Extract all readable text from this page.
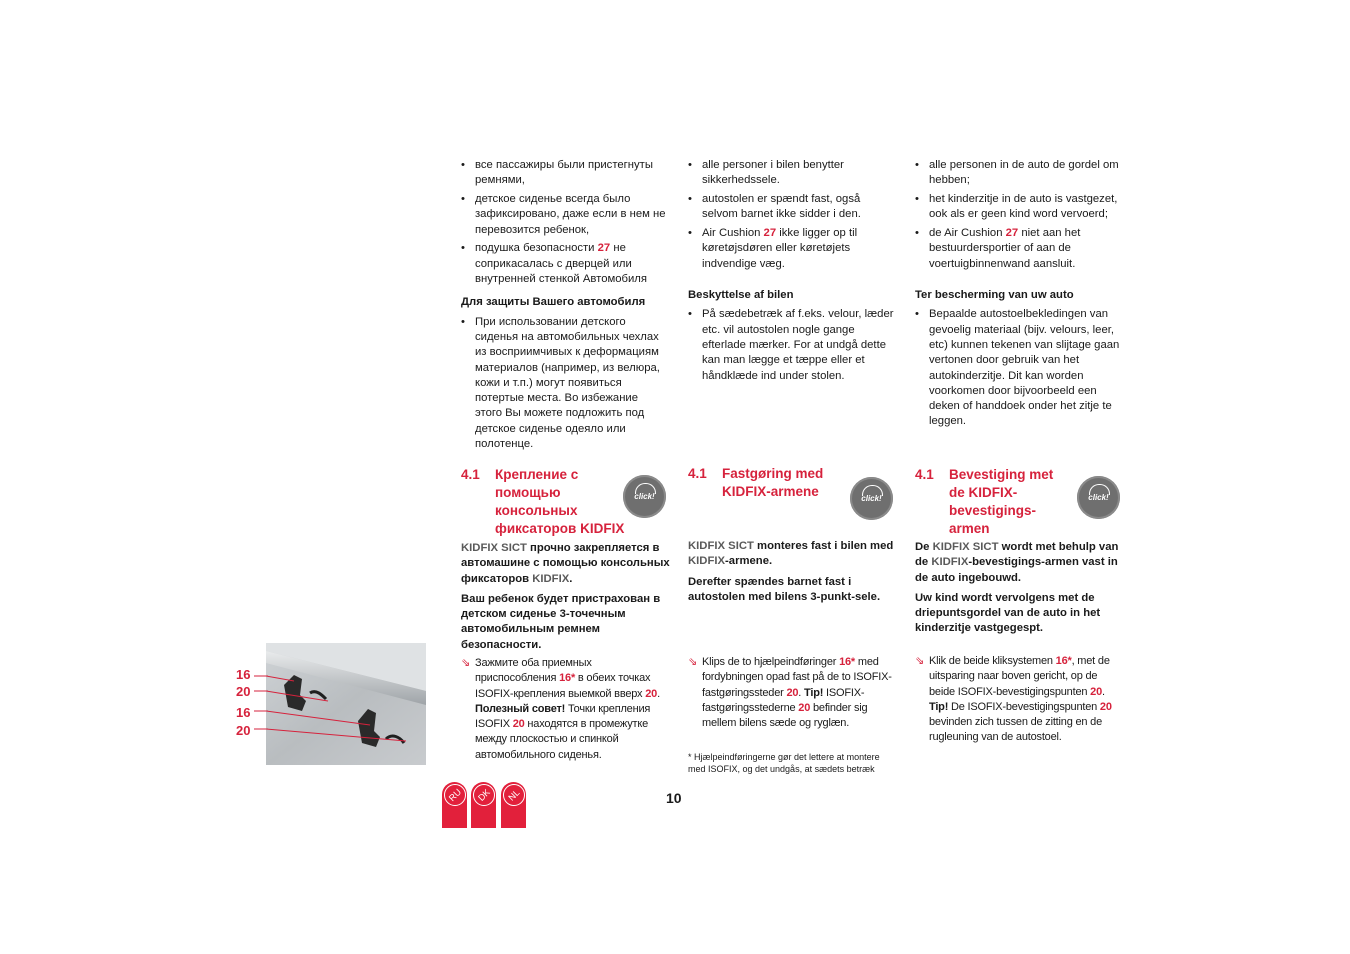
16
20
16
20
• все пассажиры были пристегнуты ремнями,
• детское сиденье всегда было зафиксировано, даже если в нем не перевозится ребенок,
• подушка безопасности 27 не соприкасалась с дверцей или внутренней стенкой Автомобиля
Для защиты Вашего автомобиля
• При использовании детского сиденья на автомобильных чехлах из восприимчивых к деформациям материалов (например, из велюра, кожи и т.п.) могут появиться потертые места. Во избежание этого Вы можете подложить под детское сиденье одеяло или полотенце.
4.1 Крепление с помощью консольных фиксаторов KIDFIX
click!

KIDFIX SICT прочно закрепляется в автомашине с помощью консольных фиксаторов KIDFIX.

Ваш ребенок будет пристрахован в детском сиденье 3-точечным автомобильным ремнем безопасности.

⇘ Зажмите оба приемных приспособления 16* в обеих точках ISOFIX-крепления выемкой вверх 20. Полезный совет! Точки крепления ISOFIX 20 находятся в промежутке между плоскостью и спинкой автомобильного сиденья.
• alle personer i bilen benytter sikkerhedssele.
• autostolen er spændt fast, også selvom barnet ikke sidder i den.
• Air Cushion 27 ikke ligger op til køretøjsdøren eller køretøjets indvendige væg.
Beskyttelse af bilen
• På sædebetræk af f.eks. velour, læder etc. vil autostolen nogle gange efterlade mærker. For at undgå dette kan man lægge et tæppe eller et håndklæde ind under stolen.
4.1 Fastgøring med KIDFIX-armene	click!

KIDFIX SICT monteres fast i bilen med KIDFIX-armene.

Derefter spændes barnet fast i autostolen med bilens 3-punkt-sele.

⇘ Klips de to hjælpeindføringer 16* med fordybningen opad fast på de to ISOFIX-fastgøringssteder 20. Tip! ISOFIX-fastgøringsstederne 20 befinder sig mellem bilens sæde og ryglæn.
* Hjælpeindføringerne gør det lettere at montere med ISOFIX, og det undgås, at sædets betræk
• alle personen in de auto de gordel om hebben;
• het kinderzitje in de auto is vastgezet, ook als er geen kind word vervoerd;
• de Air Cushion 27 niet aan het bestuurdersportier of aan de voertuigbinnenwand aansluit.
Ter bescherming van uw auto
• Bepaalde autostoelbekledingen van gevoelig materiaal (bijv. velours, leer, etc) kunnen tekenen van slijtage gaan vertonen door gebruik van het autokinderzitje. Dit kan worden voorkomen door bijvoorbeeld een deken of handdoek onder het zitje te leggen.
4.1 Bevestiging met de KIDFIX-bevestigings-armen
click!

De KIDFIX SICT wordt met behulp van de KIDFIX-bevestigings-armen vast in de auto ingebouwd.

Uw kind wordt vervolgens met de driepuntsgordel van de auto in het kinderzitje vastgegespt.

⇘ Klik de beide kliksystemen 16*, met de uitsparing naar boven gericht, op de beide ISOFIX-bevestigingspunten 20. Tip! De ISOFIX-bevestigingspunten 20 bevinden zich tussen de zitting en de rugleuning van de autostoel.
RU	DK	NL	10
